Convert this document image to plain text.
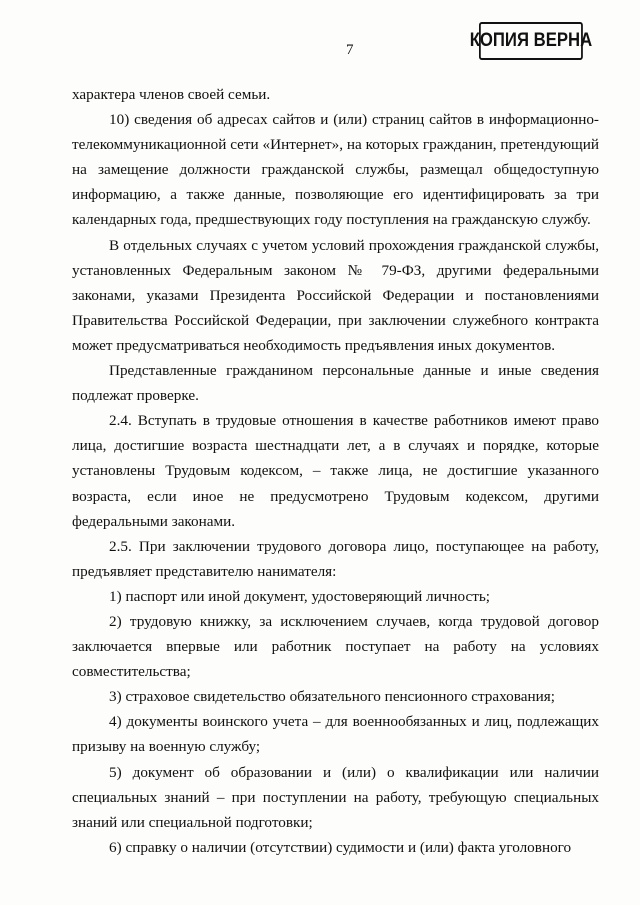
КОПИЯ ВЕРНА
7

характера членов своей семьи.

10) сведения об адресах сайтов и (или) страниц сайтов в информационно-телекоммуникационной сети «Интернет», на которых гражданин, претендующий на замещение должности гражданской службы, размещал общедоступную информацию, а также данные, позволяющие его идентифицировать за три календарных года, предшествующих году поступления на гражданскую службу.

В отдельных случаях с учетом условий прохождения гражданской службы, установленных Федеральным законом № 79-ФЗ, другими федеральными законами, указами Президента Российской Федерации и постановлениями Правительства Российской Федерации, при заключении служебного контракта может предусматриваться необходимость предъявления иных документов.

Представленные гражданином персональные данные и иные сведения подлежат проверке.

2.4. Вступать в трудовые отношения в качестве работников имеют право лица, достигшие возраста шестнадцати лет, а в случаях и порядке, которые установлены Трудовым кодексом, – также лица, не достигшие указанного возраста, если иное не предусмотрено Трудовым кодексом, другими федеральными законами.

2.5. При заключении трудового договора лицо, поступающее на работу, предъявляет представителю нанимателя:

1) паспорт или иной документ, удостоверяющий личность;

2) трудовую книжку, за исключением случаев, когда трудовой договор заключается впервые или работник поступает на работу на условиях совместительства;

3) страховое свидетельство обязательного пенсионного страхования;

4) документы воинского учета – для военнообязанных и лиц, подлежащих призыву на военную службу;

5) документ об образовании и (или) о квалификации или наличии специальных знаний – при поступлении на работу, требующую специальных знаний или специальной подготовки;

6) справку о наличии (отсутствии) судимости и (или) факта уголовного
